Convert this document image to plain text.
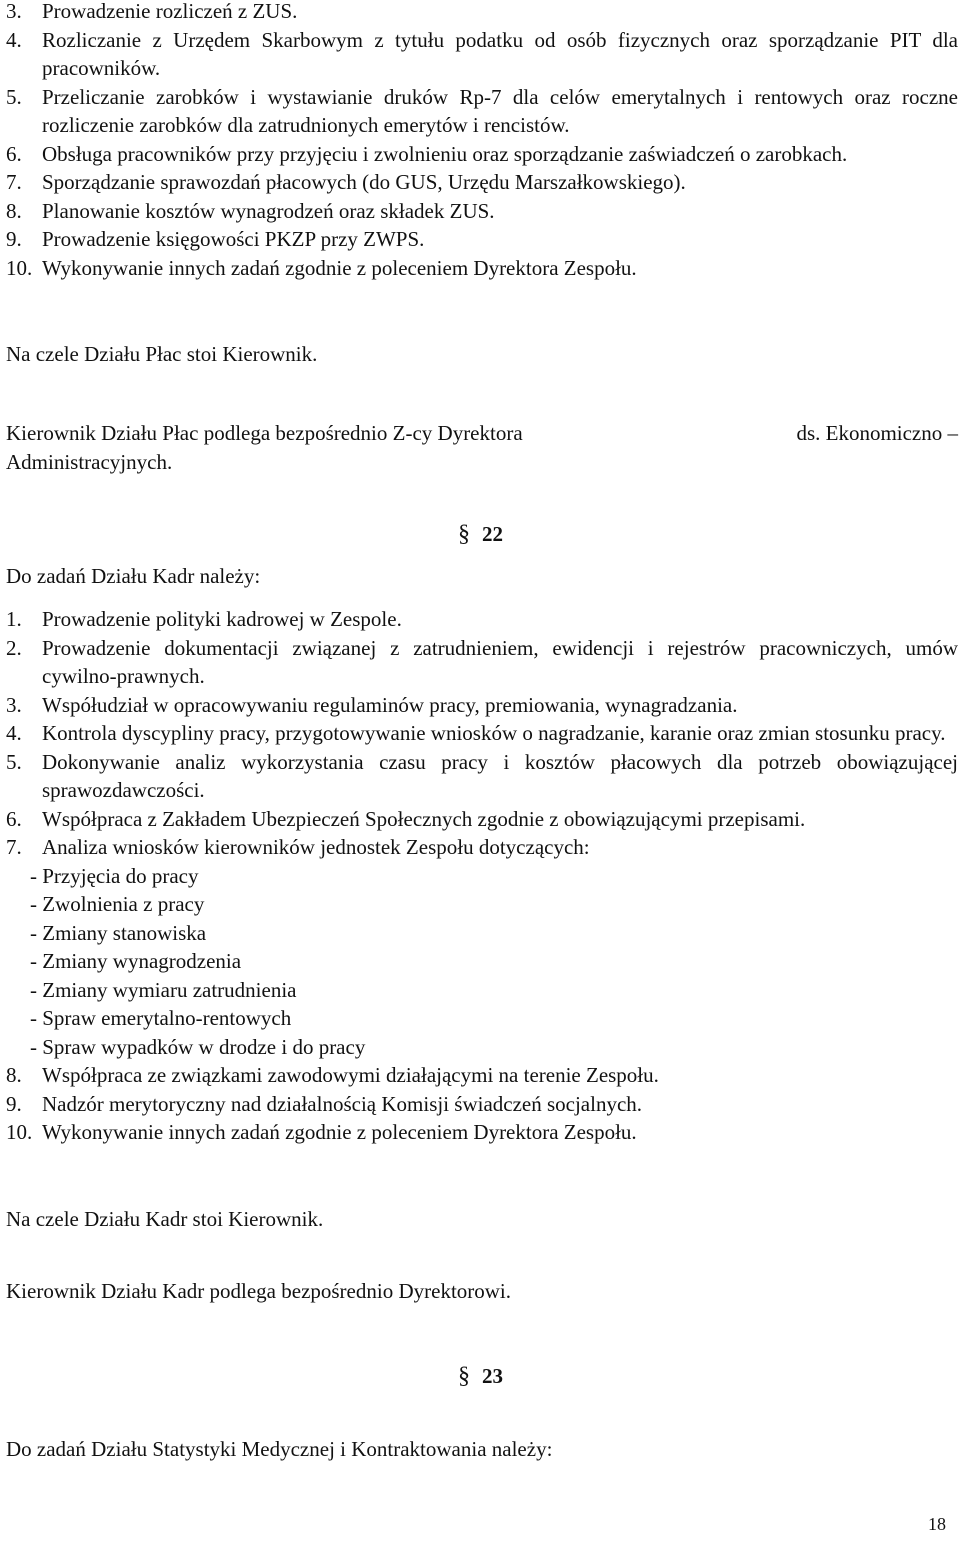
3. Prowadzenie rozliczeń z ZUS.
4. Rozliczanie z Urzędem Skarbowym z tytułu podatku od osób fizycznych oraz sporządzanie PIT dla pracowników.
5. Przeliczanie zarobków i wystawianie druków Rp-7 dla celów emerytalnych i rentowych oraz roczne rozliczenie zarobków dla zatrudnionych emerytów i rencistów.
6. Obsługa pracowników przy przyjęciu i zwolnieniu oraz sporządzanie zaświadczeń o zarobkach.
7. Sporządzanie sprawozdań płacowych (do GUS, Urzędu Marszałkowskiego).
8. Planowanie kosztów wynagrodzeń oraz składek ZUS.
9. Prowadzenie księgowości PKZP przy ZWPS.
10. Wykonywanie innych zadań zgodnie z poleceniem Dyrektora Zespołu.
Na czele Działu Płac stoi Kierownik.
Kierownik Działu Płac podlega bezpośrednio Z-cy Dyrektora	ds. Ekonomiczno –
Administracyjnych.
§ 22
Do zadań Działu Kadr należy:
1. Prowadzenie polityki kadrowej w Zespole.
2. Prowadzenie dokumentacji związanej z zatrudnieniem, ewidencji i rejestrów pracowniczych, umów cywilno-prawnych.
3. Współudział w opracowywaniu regulaminów pracy, premiowania, wynagradzania.
4. Kontrola dyscypliny pracy, przygotowywanie wniosków o nagradzanie, karanie oraz zmian stosunku pracy.
5. Dokonywanie analiz wykorzystania czasu pracy i kosztów płacowych dla potrzeb obowiązującej sprawozdawczości.
6. Współpraca z Zakładem Ubezpieczeń Społecznych zgodnie z obowiązującymi przepisami.
7. Analiza wniosków kierowników jednostek Zespołu dotyczących:
- Przyjęcia do pracy
- Zwolnienia z pracy
- Zmiany stanowiska
- Zmiany wynagrodzenia
- Zmiany wymiaru zatrudnienia
- Spraw emerytalno-rentowych
- Spraw wypadków w drodze i do pracy
8. Współpraca ze związkami zawodowymi działającymi na terenie Zespołu.
9. Nadzór merytoryczny nad działalnością Komisji świadczeń socjalnych.
10. Wykonywanie innych zadań zgodnie z poleceniem Dyrektora Zespołu.
Na czele Działu Kadr stoi Kierownik.
Kierownik Działu Kadr podlega bezpośrednio Dyrektorowi.
§ 23
Do zadań Działu Statystyki Medycznej i Kontraktowania należy:
18
